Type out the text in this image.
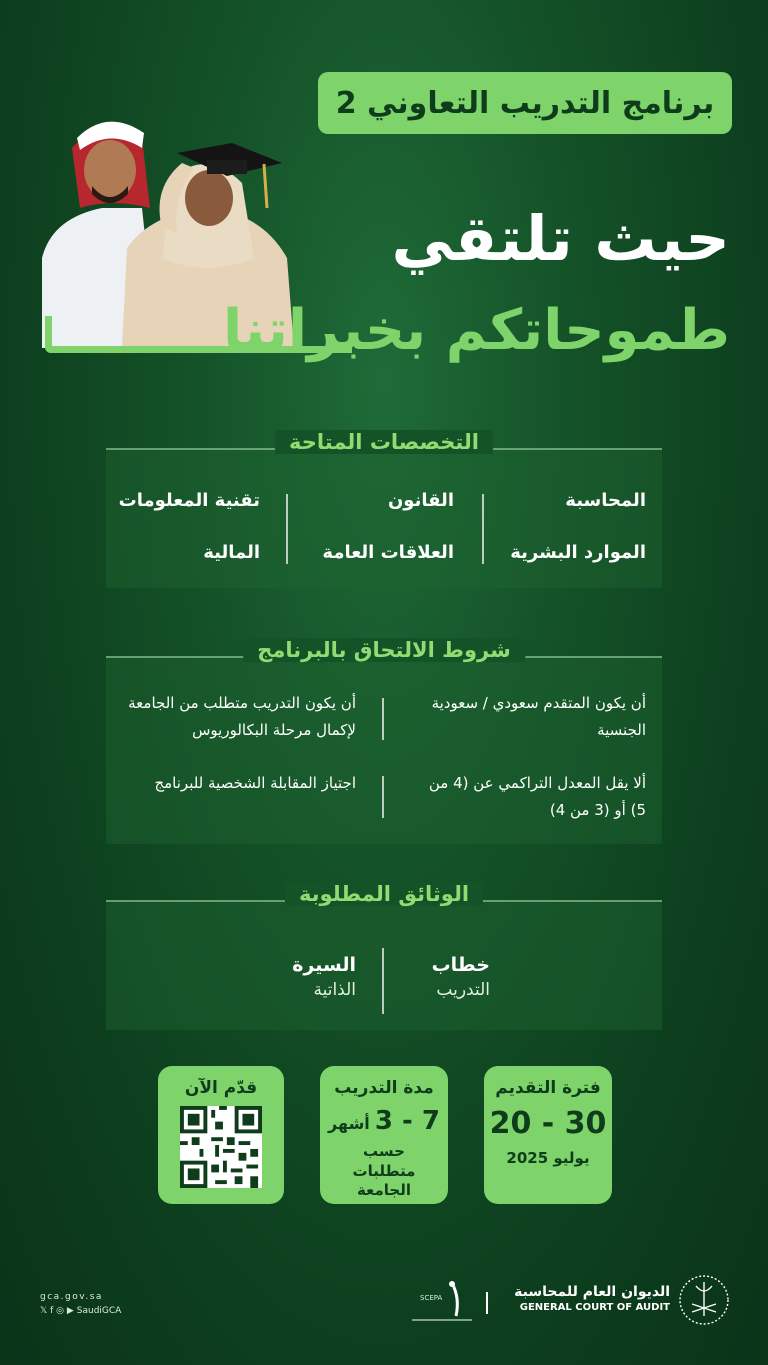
برنامج التدريب التعاوني 2
حيث تلتقي
طموحاتكم بخبراتنا
التخصصات المتاحة
المحاسبة
القانون
تقنية المعلومات
الموارد البشرية
العلاقات العامة
المالية
شروط الالتحاق بالبرنامج
أن يكون المتقدم سعودي / سعودية الجنسية
أن يكون التدريب متطلب من الجامعة لإكمال مرحلة البكالوريوس
ألا يقل المعدل التراكمي عن (4 من 5) أو (3 من 4)
اجتياز المقابلة الشخصية للبرنامج
الوثائق المطلوبة
خطاب
التدريب
السيرة
الذاتية
فترة التقديم
20 - 30
يوليو 2025
مدة التدريب
3 - 7 أشهر
حسب متطلبات الجامعة
قدّم الآن
gca.gov.sa
𝕏 f ◎ ▶ SaudiGCA
SCEPA	الديوان العام للمحاسبة
GENERAL COURT OF AUDIT
